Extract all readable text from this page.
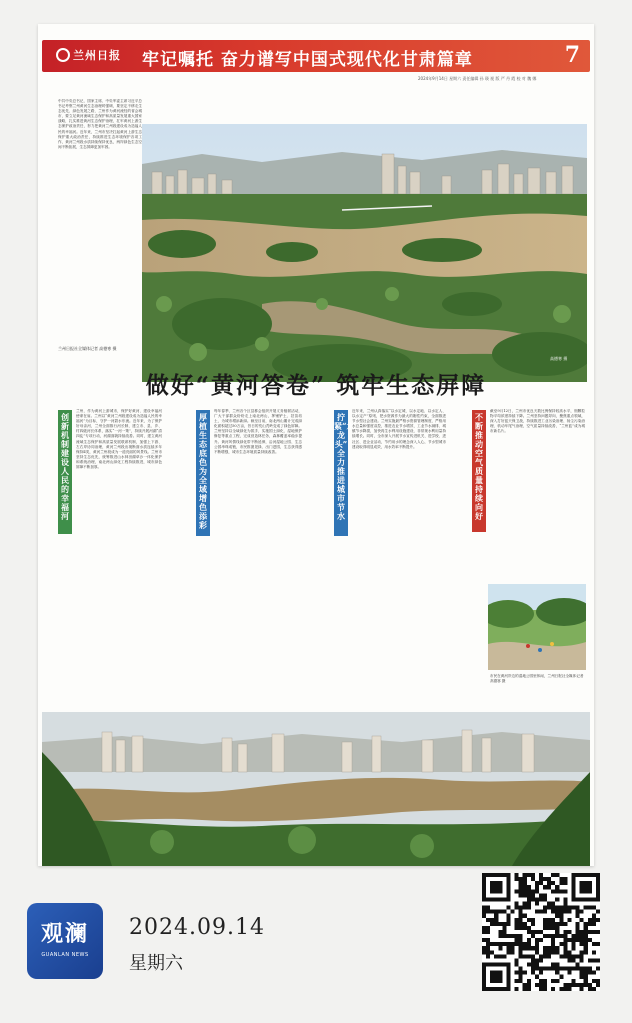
兰州日报 牢记嘱托 奋力谱写中国式现代化甘肃篇章	7
2024年9月14日 星期六 责任编辑 孙 瑛 视 版 严 丹 霞 校 对 魏 娜
中共中央总书记、国家主席、中央军委主席习近平总书记考察兰州黄河生态治理时强调，要坚定不移走生态优先、绿色发展之路，兰州作为黄河流经的省会城市，要立足黄河流域生态保护和高质量发展重大国家战略，扎实推进黄河生态保护治理，扛牢黄河上游生态保护政治责任，努力把黄河兰州段建设成为造福人民的幸福河。近年来，兰州市坚决扛起黄河上游生态保护重大政治责任，持续推进生态环境保护各项工作，黄河兰州段水质持续保持优良，两岸绿色生态空间不断拓展，生态屏障更加牢固。
兰州日报社全媒体记者 高德寒 摄
高德寒 摄
做好“黄河答卷” 筑牢生态屏障
创新机制 建设人民的幸福河
兰州，作为黄河上游城市，保护好黄河、建设幸福河使命在肩。兰州以“黄河兰州段建设成为造福人民的幸福河”为目标，守护一河碧水东流。近年来，为了保护好母亲河，兰州全面推行河长制，建立市、县、乡、村四级河长体系，落实“一河一策”，持续开展河湖“清四乱”专项行动，河湖面貌持续改善。同时，建立黄河流域生态保护和高质量发展联席机制，加强上下游、左右岸协同治理，黄河兰州段出境断面水质连续多年保持Ⅱ类，黄河兰州段成为一道亮丽的风景线。兰州市坚持生态优先，统筹推进山水林田湖草沙一体化保护和系统治理，南北两山绿化工程持续推进，城市绿色屏障不断加厚。
厚植生态底色 为全域增色添彩
每年春季，兰州各个区县都会组织开展义务植树活动，广大干部群众纷纷走上南北两山，挥锹铲土、扶苗培土，为城市增添新绿。截至目前，南北两山累计完成绿化面积超过50万亩，昔日的荒山秃岭变成了绿色屏障。兰州坚持以全域绿化为抓手，实施国土绿化、湿地保护修复等重点工程，完成营造林任务，森林覆盖率稳步提升。黄河风情线绿化带不断延伸，沿河湿地公园、生态公园串珠成链，市民推窗见绿、出门进园，生态获得感不断增强，城市生态环境质量持续改善。
拧紧“水龙头” 全力推进城市节水
近年来，兰州认真落实“以水定城、以水定地、以水定人、以水定产”原则，把水资源作为最大的刚性约束，全面推进节水型社会建设。兰州实施最严格水资源管理制度，严格用水总量和强度双控，推进农业节水增效、工业节水减排、城镇节水降损，加快再生水利用设施建设，非常规水利用量持续增长。同时，全市深入开展节水宣传进机关、进学校、进社区、进企业活动，节约用水的理念深入人心，节水型城市建设取得明显成效，用水效率不断提升。
不断推动空气质量持续向好
截至9月12日，兰州市优良天数比例保持较高水平，细颗粒物平均浓度持续下降。兰州坚持问题导向，聚焦重点领域，深入打好蓝天保卫战，持续推进工业污染治理、扬尘污染治理、机动车尾气治理，空气质量持续改善，“兰州蓝”成为城市新名片。
市民在黄河岸边的湿地公园里休闲，兰州日报社全媒体记者 高德寒 摄
观澜
GUANLAN NEWS
2024.09.14
星期六
